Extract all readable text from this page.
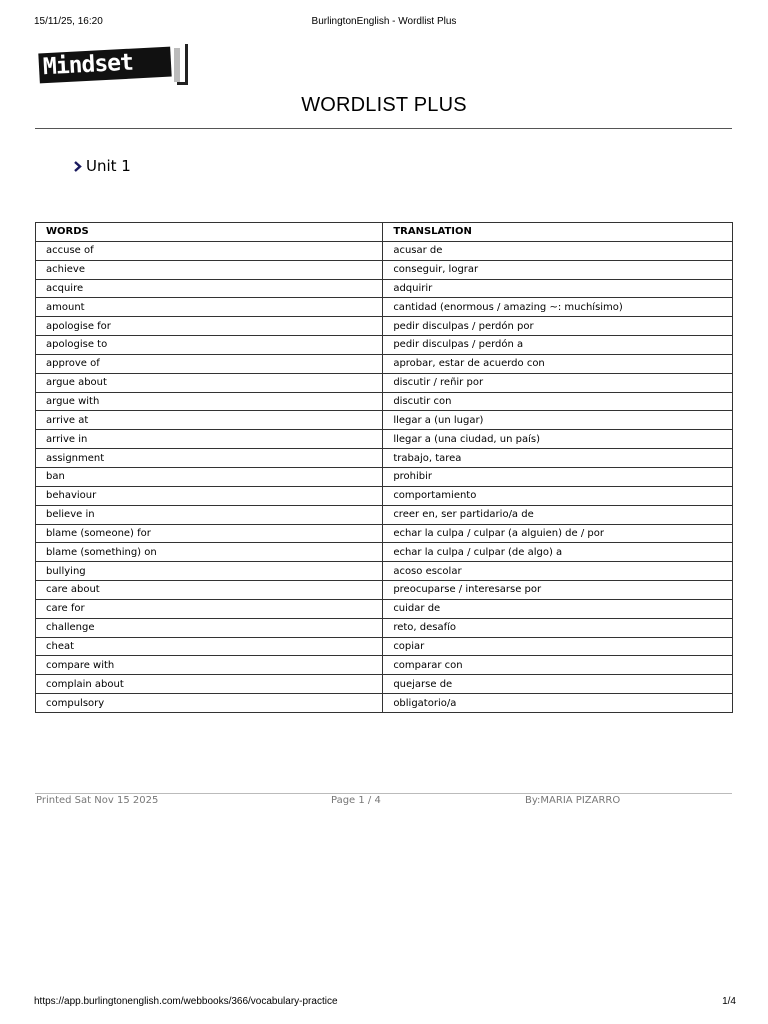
15/11/25, 16:20	BurlingtonEnglish - Wordlist Plus
Mindset
WORDLIST PLUS
Unit 1
WORDS	TRANSLATION
accuse of	acusar de
achieve	conseguir, lograr
acquire	adquirir
amount	cantidad (enormous / amazing ~: muchísimo)
apologise for	pedir disculpas / perdón por
apologise to	pedir disculpas / perdón a
approve of	aprobar, estar de acuerdo con
argue about	discutir / reñir por
argue with	discutir con
arrive at	llegar a (un lugar)
arrive in	llegar a (una ciudad, un país)
assignment	trabajo, tarea
ban	prohibir
behaviour	comportamiento
believe in	creer en, ser partidario/a de
blame (someone) for	echar la culpa / culpar (a alguien) de / por
blame (something) on	echar la culpa / culpar (de algo) a
bullying	acoso escolar
care about	preocuparse / interesarse por
care for	cuidar de
challenge	reto, desafío
cheat	copiar
compare with	comparar con
complain about	quejarse de
compulsory	obligatorio/a
Printed Sat Nov 15 2025	Page 1 / 4	By:MARIA PIZARRO
https://app.burlingtonenglish.com/webbooks/366/vocabulary-practice	1/4
